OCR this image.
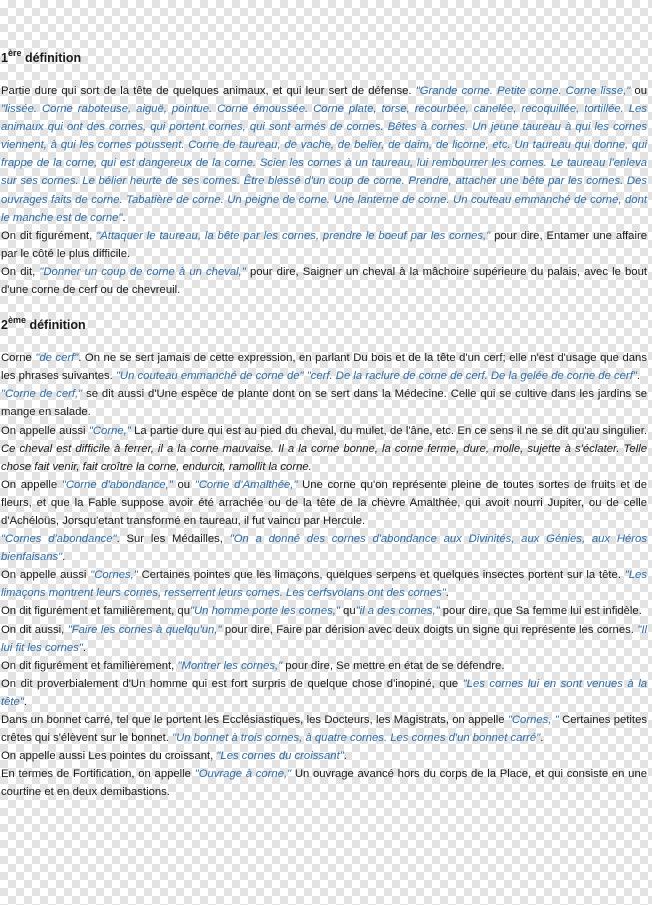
1ère définition

Partie dure qui sort de la tête de quelques animaux, et qui leur sert de défense. "Grande corne. Petite corne. Corne lisse," ou "lissée. Corne raboteuse, aiguë, pointue. Corne émoussée. Corne plate, torse, recourbée, canelée, recoquillée, tortillée. Les animaux qui ont des cornes, qui portent cornes, qui sont armés de cornes. Bêtes à cornes. Un jeune taureau à qui les cornes viennent, à qui les cornes poussent. Corne de taureau, de vache, de belier, de daim, de licorne, etc. Un taureau qui donne, qui frappe de la corne, qui est dangereux de la corne. Scier les cornes à un taureau, lui rembourrer les cornes. Le taureau l'enleva sur ses cornes. Le bélier heurte de ses cornes. Être blessé d'un coup de corne. Prendre, attacher une bête par les cornes. Des ouvrages faits de corne. Tabatière de corne. Un peigne de corne. Une lanterne de corne. Un couteau emmanché de corne, dont le manche est de corne".

On dit figurément, "Attaquer le taureau, la bête par les cornes, prendre le boeuf par les cornes," pour dire, Entamer une affaire par le côté le plus difficile.

On dit, "Donner un coup de corne à un cheval," pour dire, Saigner un cheval à la mâchoire supérieure du palais, avec le bout d'une corne de cerf ou de chevreuil.

2ème définition

Corne "de cerf". On ne se sert jamais de cette expression, en parlant Du bois et de la tête d'un cerf; elle n'est d'usage que dans les phrases suivantes. "Un couteau emmanché de corne de" "cerf. De la raclure de corne de cerf. De la gelée de corne de cerf".

"Corne de cerf," se dit aussi d'Une espèce de plante dont on se sert dans la Médecine. Celle qui se cultive dans les jardins se mange en salade.

On appelle aussi "Corne," La partie dure qui est au pied du cheval, du mulet, de l'âne, etc. En ce sens il ne se dit qu'au singulier. Ce cheval est difficile à ferrer, il a la corne mauvaise. Il a la corne bonne, la corne ferme, dure, molle, sujette à s'éclater. Telle chose fait venir, fait croître la corne, endurcit, ramollit la corne.

On appelle "Corne d'abondance," ou "Corne d'Amalthée," Une corne qu'on représente pleine de toutes sortes de fruits et de fleurs, et que la Fable suppose avoir été arrachée ou de la tête de la chèvre Amalthée, qui avoit nourri Jupiter, ou de celle d'Achéloüs, Jorsqu'etant transformé en taureau, il fut vaincu par Hercule.

"Cornes d'abondance". Sur les Médailles, "On a donné des cornes d'abondance aux Divinités, aux Génies, aux Héros bienfaisans".

On appelle aussi "Cornes," Certaines pointes que les limaçons, quelques serpens et quelques insectes portent sur la tête. "Les limaçons montrent leurs cornes, resserrent leurs cornes. Les cerfsvolans ont des cornes".

On dit figurément et familièrement, qu"Un homme porte les cornes," qu"il a des cornes," pour dire, que Sa femme lui est infidèle.

On dit aussi, "Faire les cornes à quelqu'un," pour dire, Faire par dérision avec deux doigts un signe qui représente les cornes. "Il lui fit les cornes".

On dit figurément et familièrement, "Montrer les cornes," pour dire, Se mettre en état de se défendre.

On dit proverbialement d'Un homme qui est fort surpris de quelque chose d'inopiné, que "Les cornes lui en sont venues à la tête".

Dans un bonnet carré, tel que le portent les Ecclésiastiques, les Docteurs, les Magistrats, on appelle "Cornes, " Certaines petites crêtes qui s'élèvent sur le bonnet. "Un bonnet à trois cornes, à quatre cornes. Les cornes d'un bonnet carré".

On appelle aussi Les pointes du croissant, "Les cornes du croissant".

En termes de Fortification, on appelle "Ouvrage à corne," Un ouvrage avancé hors du corps de la Place, et qui consiste en une courtine et en deux demibastions.
